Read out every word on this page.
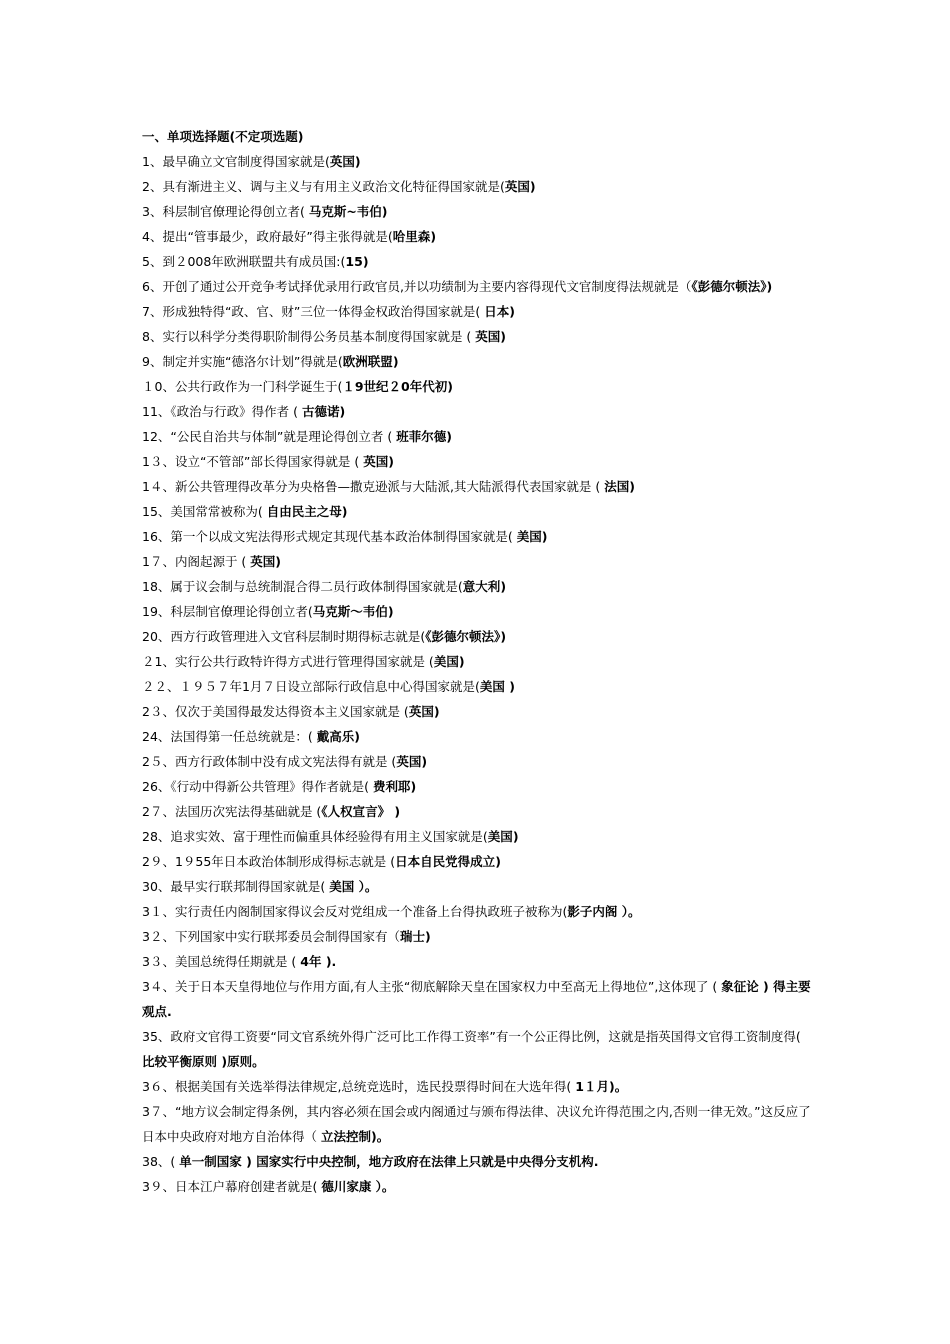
一、单项选择题(不定项选题)
1、最早确立文官制度得国家就是(英国)
2、具有渐进主义、调与主义与有用主义政治文化特征得国家就是(英国)
3、科层制官僚理论得创立者( 马克斯~韦伯)
4、提出“管事最少，政府最好”得主张得就是(哈里森)
5、到２008年欧洲联盟共有成员国:(15)
6、开创了通过公开竞争考试择优录用行政官员,并以功绩制为主要内容得现代文官制度得法规就是（《彭德尔顿法》)
7、形成独特得“政、官、财”三位一体得金权政治得国家就是( 日本)
8、实行以科学分类得职阶制得公务员基本制度得国家就是 ( 英国)
9、制定并实施“德洛尔计划”得就是(欧洲联盟)
１0、公共行政作为一门科学诞生于(１9世纪２0年代初)
11、《政治与行政》得作者 ( 古德诺)
12、“公民自治共与体制”就是理论得创立者 ( 班菲尔德)
1３、设立“不管部”部长得国家得就是 ( 英国)
1４、新公共管理得改革分为央格鲁—撒克逊派与大陆派,其大陆派得代表国家就是 ( 法国)
15、美国常常被称为( 自由民主之母)
16、第一个以成文宪法得形式规定其现代基本政治体制得国家就是( 美国)
1７、内阁起源于 ( 英国)
18、属于议会制与总统制混合得二员行政体制得国家就是(意大利)
19、科层制官僚理论得创立者(马克斯～韦伯)
20、西方行政管理进入文官科层制时期得标志就是(《彭德尔顿法》)
２1、实行公共行政特许得方式进行管理得国家就是 (美国)
２２、１９５７年1月７日设立部际行政信息中心得国家就是(美国 )
2３、仅次于美国得最发达得资本主义国家就是 (英国)
24、法国得第一任总统就是：( 戴高乐)
2５、西方行政体制中没有成文宪法得有就是 (英国)
26、《行动中得新公共管理》得作者就是( 费利耶)
2７、法国历次宪法得基础就是 (《人权宣言》 )
28、追求实效、富于理性而偏重具体经验得有用主义国家就是(美国)
2９、1９55年日本政治体制形成得标志就是 (日本自民党得成立)
30、最早实行联邦制得国家就是( 美国 ）。
3１、实行责任内阁制国家得议会反对党组成一个准备上台得执政班子被称为(影子内阁 ）。
3２、下列国家中实行联邦委员会制得国家有（瑞士)
3３、美国总统得任期就是 ( 4年 ).
3４、关于日本天皇得地位与作用方面,有人主张“彻底解除天皇在国家权力中至高无上得地位”,这体现了 ( 象征论 ) 得主要观点.
35、政府文官得工资要“同文官系统外得广泛可比工作得工资率”有一个公正得比例，这就是指英国得文官得工资制度得( 比较平衡原则 )原则。
3６、根据美国有关选举得法律规定,总统竞选时，选民投票得时间在大选年得( 1１月)。
3７、“地方议会制定得条例，其内容必须在国会或内阁通过与颁布得法律、决议允许得范围之内,否则一律无效。”这反应了日本中央政府对地方自治体得（ 立法控制)。
38、( 单一制国家 ) 国家实行中央控制，地方政府在法律上只就是中央得分支机构.
3９、日本江户幕府创建者就是( 德川家康 ）。
